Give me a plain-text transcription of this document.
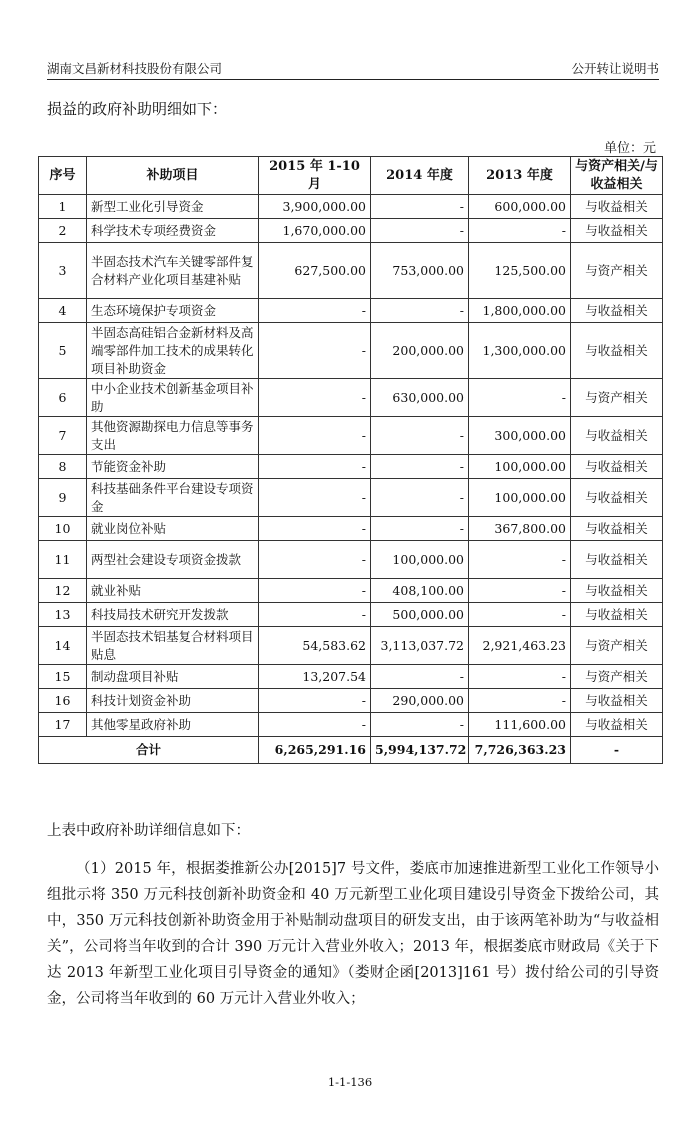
湖南文昌新材科技股份有限公司	公开转让说明书
损益的政府补助明细如下：
单位：元
序号	补助项目	2015 年 1-10 月	2014 年度	2013 年度	与资产相关/与收益相关
1	新型工业化引导资金	3,900,000.00	-	600,000.00	与收益相关
2	科学技术专项经费资金	1,670,000.00	-	-	与收益相关
3	半固态技术汽车关键零部件复合材料产业化项目基建补贴	627,500.00	753,000.00	125,500.00	与资产相关
4	生态环境保护专项资金	-	-	1,800,000.00	与收益相关
5	半固态高硅铝合金新材料及高端零部件加工技术的成果转化项目补助资金	-	200,000.00	1,300,000.00	与收益相关
6	中小企业技术创新基金项目补助	-	630,000.00	-	与资产相关
7	其他资源勘探电力信息等事务支出	-	-	300,000.00	与收益相关
8	节能资金补助	-	-	100,000.00	与收益相关
9	科技基础条件平台建设专项资金	-	-	100,000.00	与收益相关
10	就业岗位补贴	-	-	367,800.00	与收益相关
11	两型社会建设专项资金拨款	-	100,000.00	-	与收益相关
12	就业补贴	-	408,100.00	-	与收益相关
13	科技局技术研究开发拨款	-	500,000.00	-	与收益相关
14	半固态技术铝基复合材料项目贴息	54,583.62	3,113,037.72	2,921,463.23	与资产相关
15	制动盘项目补贴	13,207.54	-	-	与资产相关
16	科技计划资金补助	-	290,000.00	-	与收益相关
17	其他零星政府补助	-	-	111,600.00	与收益相关
合计		6,265,291.16	5,994,137.72	7,726,363.23	-
上表中政府补助详细信息如下：
（1）2015 年，根据娄推新公办[2015]7 号文件，娄底市加速推进新型工业化工作领导小组批示将 350 万元科技创新补助资金和 40 万元新型工业化项目建设引导资金下拨给公司，其中，350 万元科技创新补助资金用于补贴制动盘项目的研发支出，由于该两笔补助为“与收益相关”，公司将当年收到的合计 390 万元计入营业外收入；2013 年，根据娄底市财政局《关于下达 2013 年新型工业化项目引导资金的通知》（娄财企函[2013]161 号）拨付给公司的引导资金，公司将当年收到的 60 万元计入营业外收入；
1-1-136
